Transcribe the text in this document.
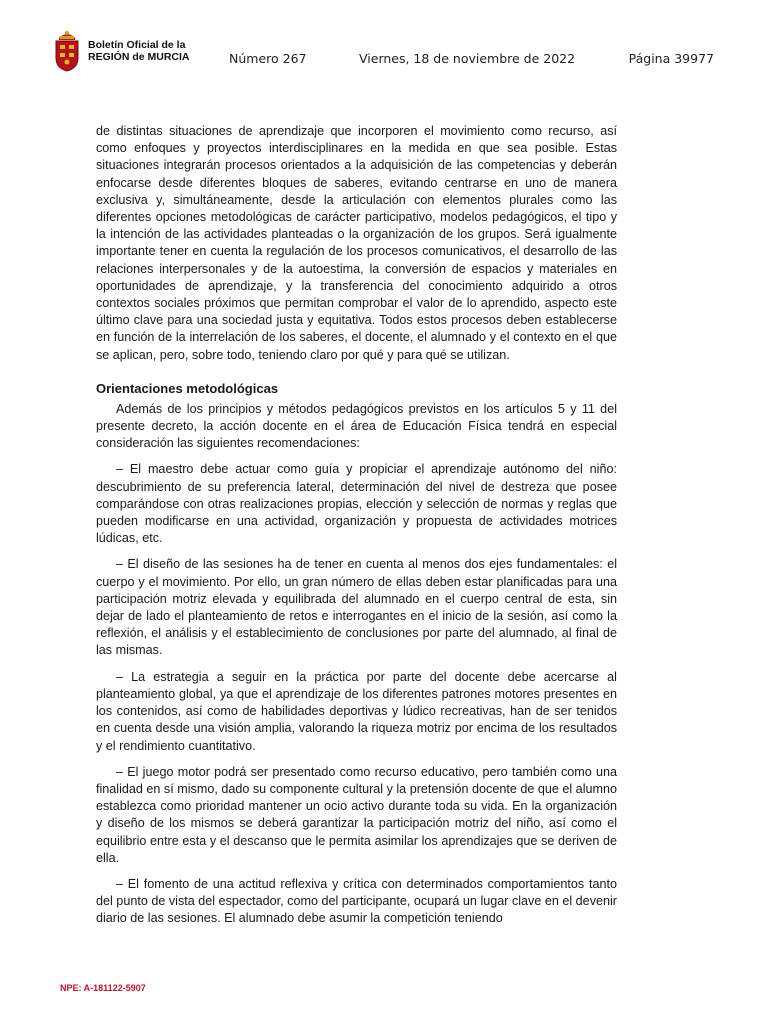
Boletín Oficial de la
REGIÓN de MURCIA	Número 267	Viernes, 18 de noviembre de 2022	Página 39977

de distintas situaciones de aprendizaje que incorporen el movimiento como recurso, así como enfoques y proyectos interdisciplinares en la medida en que sea posible. Estas situaciones integrarán procesos orientados a la adquisición de las competencias y deberán enfocarse desde diferentes bloques de saberes, evitando centrarse en uno de manera exclusiva y, simultáneamente, desde la articulación con elementos plurales como las diferentes opciones metodológicas de carácter participativo, modelos pedagógicos, el tipo y la intención de las actividades planteadas o la organización de los grupos. Será igualmente importante tener en cuenta la regulación de los procesos comunicativos, el desarrollo de las relaciones interpersonales y de la autoestima, la conversión de espacios y materiales en oportunidades de aprendizaje, y la transferencia del conocimiento adquirido a otros contextos sociales próximos que permitan comprobar el valor de lo aprendido, aspecto este último clave para una sociedad justa y equitativa. Todos estos procesos deben establecerse en función de la interrelación de los saberes, el docente, el alumnado y el contexto en el que se aplican, pero, sobre todo, teniendo claro por qué y para qué se utilizan.

Orientaciones metodológicas

Además de los principios y métodos pedagógicos previstos en los artículos 5 y 11 del presente decreto, la acción docente en el área de Educación Física tendrá en especial consideración las siguientes recomendaciones:

– El maestro debe actuar como guía y propiciar el aprendizaje autónomo del niño: descubrimiento de su preferencia lateral, determinación del nivel de destreza que posee comparándose con otras realizaciones propias, elección y selección de normas y reglas que pueden modificarse en una actividad, organización y propuesta de actividades motrices lúdicas, etc.

– El diseño de las sesiones ha de tener en cuenta al menos dos ejes fundamentales: el cuerpo y el movimiento. Por ello, un gran número de ellas deben estar planificadas para una participación motriz elevada y equilibrada del alumnado en el cuerpo central de esta, sin dejar de lado el planteamiento de retos e interrogantes en el inicio de la sesión, así como la reflexión, el análisis y el establecimiento de conclusiones por parte del alumnado, al final de las mismas.

– La estrategia a seguir en la práctica por parte del docente debe acercarse al planteamiento global, ya que el aprendizaje de los diferentes patrones motores presentes en los contenidos, así como de habilidades deportivas y lúdico recreativas, han de ser tenidos en cuenta desde una visión amplia, valorando la riqueza motriz por encima de los resultados y el rendimiento cuantitativo.

– El juego motor podrá ser presentado como recurso educativo, pero también como una finalidad en sí mismo, dado su componente cultural y la pretensión docente de que el alumno establezca como prioridad mantener un ocio activo durante toda su vida. En la organización y diseño de los mismos se deberá garantizar la participación motriz del niño, así como el equilibrio entre esta y el descanso que le permita asimilar los aprendizajes que se deriven de ella.

– El fomento de una actitud reflexiva y crítica con determinados comportamientos tanto del punto de vista del espectador, como del participante, ocupará un lugar clave en el devenir diario de las sesiones. El alumnado debe asumir la competición teniendo

NPE: A-181122-5907
